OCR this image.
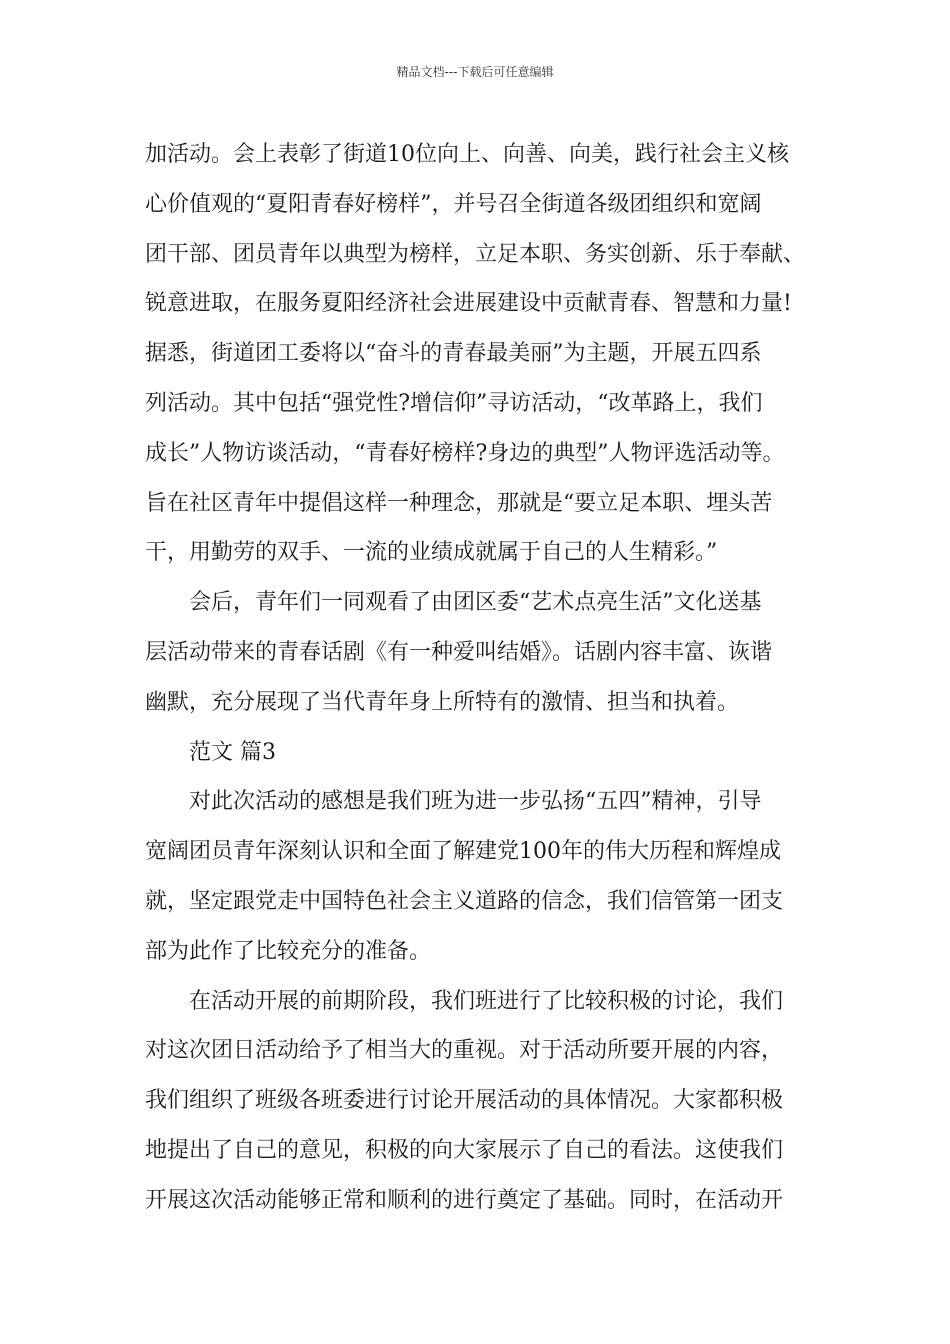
精品文档---下载后可任意编辑
加活动。会上表彰了街道10位向上、向善、向美，践行社会主义核
心价值观的“夏阳青春好榜样”，并号召全街道各级团组织和宽阔
团干部、团员青年以典型为榜样，立足本职、务实创新、乐于奉献、
锐意进取，在服务夏阳经济社会进展建设中贡献青春、智慧和力量!
据悉，街道团工委将以“奋斗的青春最美丽”为主题，开展五四系
列活动。其中包括“强党性?增信仰”寻访活动，“改革路上，我们
成长”人物访谈活动，“青春好榜样?身边的典型”人物评选活动等。
旨在社区青年中提倡这样一种理念，那就是“要立足本职、埋头苦
干，用勤劳的双手、一流的业绩成就属于自己的人生精彩。”
会后，青年们一同观看了由团区委“艺术点亮生活”文化送基
层活动带来的青春话剧《有一种爱叫结婚》。话剧内容丰富、诙谐
幽默，充分展现了当代青年身上所特有的激情、担当和执着。
范文 篇3
对此次活动的感想是我们班为进一步弘扬“五四”精神，引导
宽阔团员青年深刻认识和全面了解建党100年的伟大历程和辉煌成
就，坚定跟党走中国特色社会主义道路的信念，我们信管第一团支
部为此作了比较充分的准备。
在活动开展的前期阶段，我们班进行了比较积极的讨论，我们
对这次团日活动给予了相当大的重视。对于活动所要开展的内容，
我们组织了班级各班委进行讨论开展活动的具体情况。大家都积极
地提出了自己的意见，积极的向大家展示了自己的看法。这使我们
开展这次活动能够正常和顺利的进行奠定了基础。同时，在活动开
